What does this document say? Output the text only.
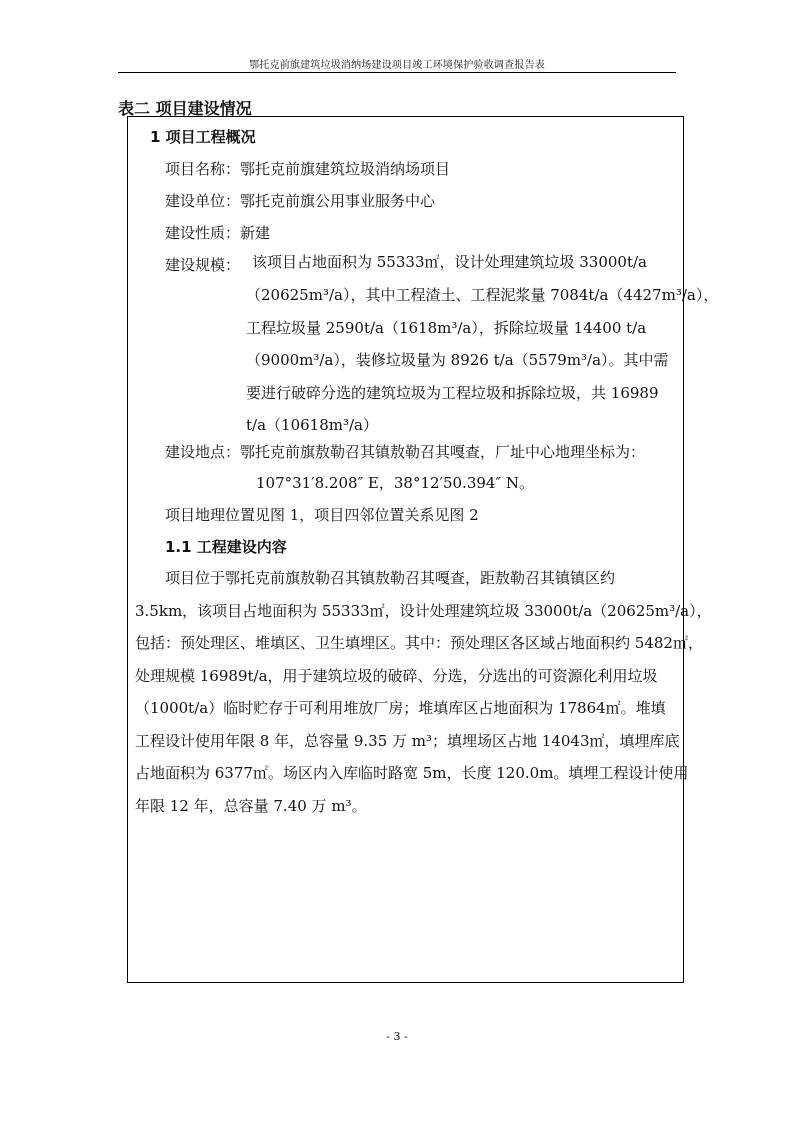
鄂托克前旗建筑垃圾消纳场建设项目竣工环境保护验收调查报告表
表二 项目建设情况
1 项目工程概况
项目名称：鄂托克前旗建筑垃圾消纳场项目
建设单位：鄂托克前旗公用事业服务中心
建设性质：新建
建设规模： 该项目占地面积为 55333㎡，设计处理建筑垃圾 33000t/a
（20625m³/a），其中工程渣土、工程泥浆量 7084t/a（4427m³/a），
工程垃圾量 2590t/a（1618m³/a），拆除垃圾量 14400 t/a
（9000m³/a），装修垃圾量为 8926 t/a（5579m³/a）。其中需
要进行破碎分选的建筑垃圾为工程垃圾和拆除垃圾，共 16989
t/a（10618m³/a）
建设地点：鄂托克前旗敖勒召其镇敖勒召其嘎查，厂址中心地理坐标为：
107°31′8.208″ E，38°12′50.394″ N。
项目地理位置见图 1，项目四邻位置关系见图 2
1.1 工程建设内容
项目位于鄂托克前旗敖勒召其镇敖勒召其嘎查，距敖勒召其镇镇区约
3.5km，该项目占地面积为 55333㎡，设计处理建筑垃圾 33000t/a（20625m³/a），
包括：预处理区、堆填区、卫生填埋区。其中：预处理区各区域占地面积约 5482㎡，
处理规模 16989t/a，用于建筑垃圾的破碎、分选，分选出的可资源化利用垃圾
（1000t/a）临时贮存于可利用堆放厂房；堆填库区占地面积为 17864㎡。堆填
工程设计使用年限 8 年，总容量 9.35 万 m³；填埋场区占地 14043㎡，填埋库底
占地面积为 6377㎡。场区内入库临时路宽 5m，长度 120.0m。填埋工程设计使用
年限 12 年，总容量 7.40 万 m³。
- 3 -
